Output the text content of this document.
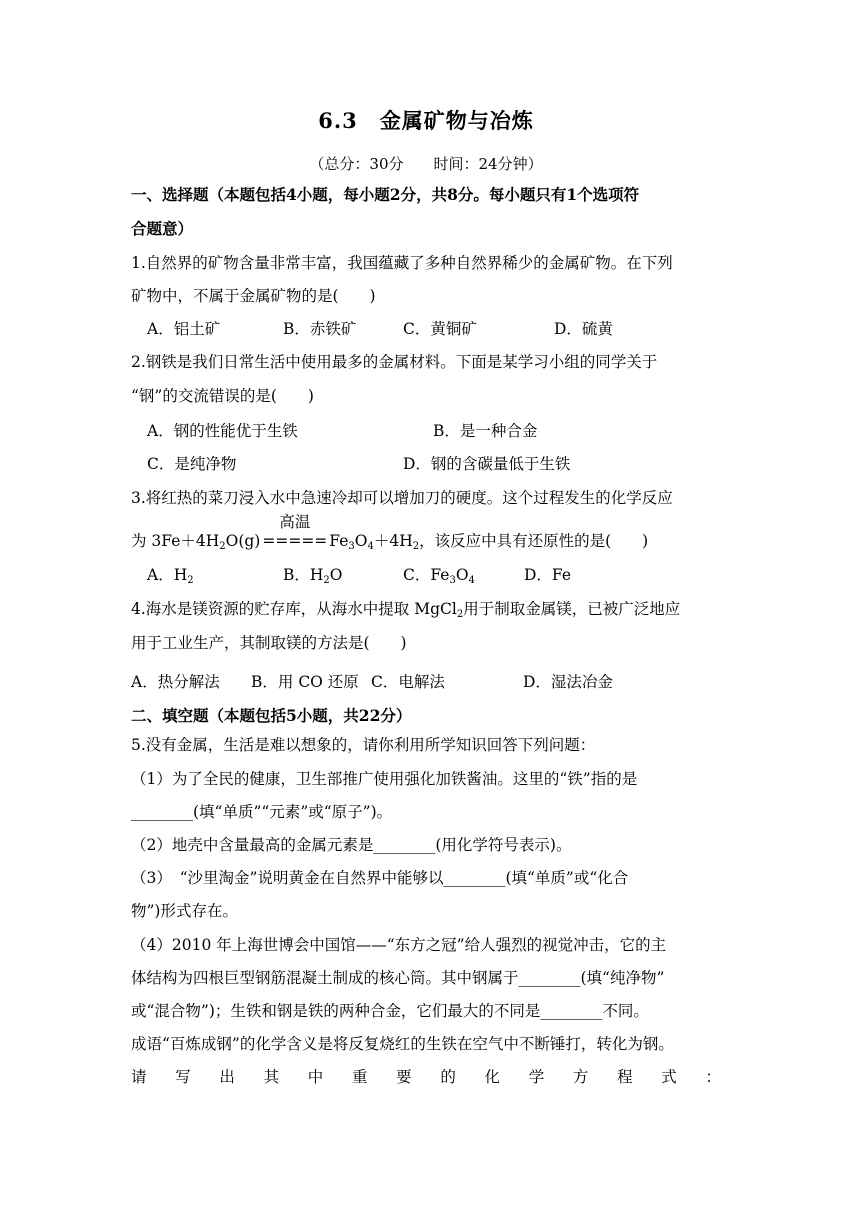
6.3　金属矿物与冶炼
（总分：30分　　时间：24分钟）
一、选择题（本题包括4小题，每小题2分，共8分。每小题只有1个选项符
合题意）
1.自然界的矿物含量非常丰富，我国蕴藏了多种自然界稀少的金属矿物。在下列
矿物中，不属于金属矿物的是(　　)
A．铝土矿	B．赤铁矿	C．黄铜矿	D．硫黄
2.钢铁是我们日常生活中使用最多的金属材料。下面是某学习小组的同学关于
“钢”的交流错误的是(　　)
A．钢的性能优于生铁	B．是一种合金
C．是纯净物	D．钢的含碳量低于生铁
3.将红热的菜刀浸入水中急速冷却可以增加刀的硬度。这个过程发生的化学反应
为 $3Fe+4H_2O(g)$
高温
===== $Fe_3O_4+4H_2$，该反应中具有还原性的是(　　)
A．$H_2$	B．$H_2O$	C．$Fe_3O_4$	D．Fe
4.海水是镁资源的贮存库，从海水中提取 MgCl$_2$用于制取金属镁，已被广泛地应
用于工业生产，其制取镁的方法是(　　)
A．热分解法 B．用 CO 还原 C．电解法	D．湿法冶金
二、填空题（本题包括5小题，共22分）
5.没有金属，生活是难以想象的，请你利用所学知识回答下列问题：
（1）为了全民的健康，卫生部推广使用强化加铁酱油。这里的“铁”指的是
________(填“单质”“元素”或“原子”)。
（2）地壳中含量最高的金属元素是________(用化学符号表示)。
（3）　“沙里淘金”说明黄金在自然界中能够以________(填“单质”或“化合
物”)形式存在。
（4）2010 年上海世博会中国馆——“东方之冠”给人强烈的视觉冲击，它的主
体结构为四根巨型钢筋混凝土制成的核心筒。其中钢属于________(填“纯净物”
或“混合物”)；生铁和钢是铁的两种合金，它们最大的不同是________不同。
成语“百炼成钢”的化学含义是将反复烧红的生铁在空气中不断锤打，转化为钢。
请 写 出 其 中 重 要 的 化 学 方 程 式 ：
